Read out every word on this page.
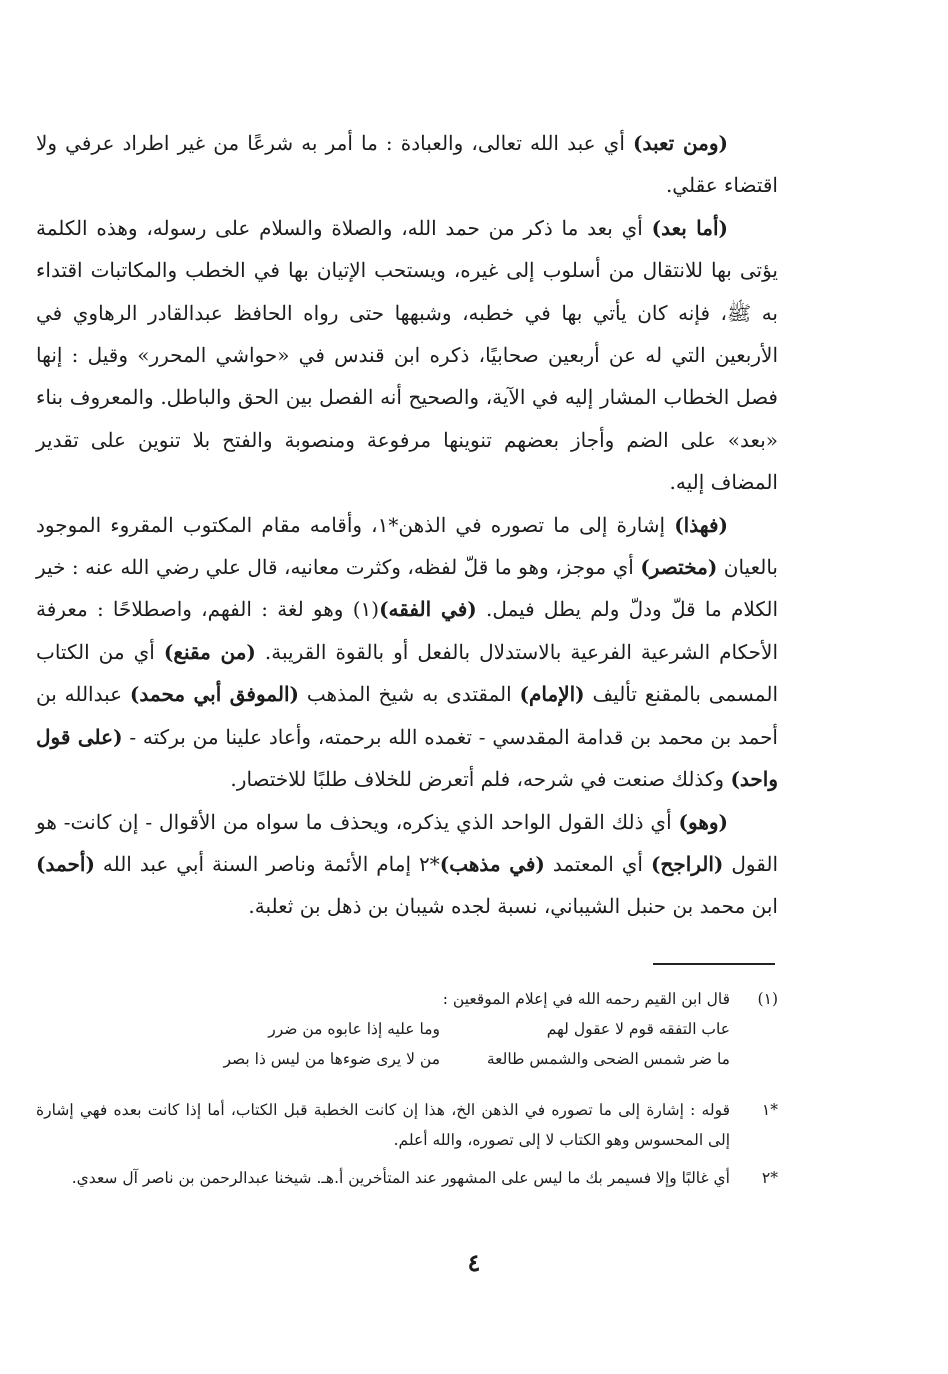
(ومن تعبد) أي عبد الله تعالى، والعبادة : ما أمر به شرعًا من غير اطراد عرفي ولا اقتضاء عقلي.

(أما بعد) أي بعد ما ذكر من حمد الله، والصلاة والسلام على رسوله، وهذه الكلمة يؤتى بها للانتقال من أسلوب إلى غيره، ويستحب الإتيان بها في الخطب والمكاتبات اقتداء به ﷺ، فإنه كان يأتي بها في خطبه، وشبهها حتى رواه الحافظ عبدالقادر الرهاوي في الأربعين التي له عن أربعين صحابيًا، ذكره ابن قندس في «حواشي المحرر» وقيل : إنها فصل الخطاب المشار إليه في الآية، والصحيح أنه الفصل بين الحق والباطل. والمعروف بناء «بعد» على الضم وأجاز بعضهم تنوينها مرفوعة ومنصوبة والفتح بلا تنوين على تقدير المضاف إليه.

(فهذا) إشارة إلى ما تصوره في الذهن*١، وأقامه مقام المكتوب المقروء الموجود بالعيان (مختصر) أي موجز، وهو ما قلّ لفظه، وكثرت معانيه، قال علي رضي الله عنه : خير الكلام ما قلّ ودلّ ولم يطل فيمل. (في الفقه)(١) وهو لغة : الفهم، واصطلاحًا : معرفة الأحكام الشرعية الفرعية بالاستدلال بالفعل أو بالقوة القريبة. (من مقنع) أي من الكتاب المسمى بالمقنع تأليف (الإمام) المقتدى به شيخ المذهب (الموفق أبي محمد) عبدالله بن أحمد بن محمد بن قدامة المقدسي - تغمده الله برحمته، وأعاد علينا من بركته - (على قول واحد) وكذلك صنعت في شرحه، فلم أتعرض للخلاف طلبًا للاختصار.

(وهو) أي ذلك القول الواحد الذي يذكره، ويحذف ما سواه من الأقوال - إن كانت- هو القول (الراجح) أي المعتمد (في مذهب)*٢ إمام الأئمة وناصر السنة أبي عبد الله (أحمد) ابن محمد بن حنبل الشيباني، نسبة لجده شيبان بن ذهل بن ثعلبة.

(١)
قال ابن القيم رحمه الله في إعلام الموقعين :
عاب التفقه قوم لا عقول لهم
وما عليه إذا عابوه من ضرر
ما ضر شمس الضحى والشمس طالعة
من لا يرى ضوءها من ليس ذا بصر
*١
قوله : إشارة إلى ما تصوره في الذهن الخ، هذا إن كانت الخطبة قبل الكتاب، أما إذا كانت بعده فهي إشارة إلى المحسوس وهو الكتاب لا إلى تصوره، والله أعلم.
*٢
أي غالبًا وإلا فسيمر بك ما ليس على المشهور عند المتأخرين أ.هـ. شيخنا عبدالرحمن بن ناصر آل سعدي.
٤
